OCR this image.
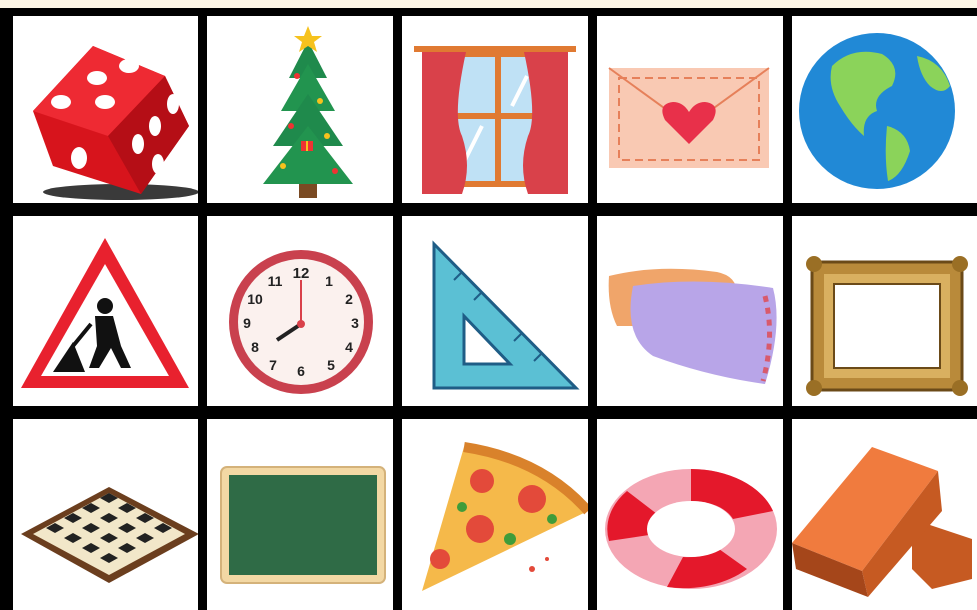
12 1
2
3
4
5
6
7
8
9
10
11
